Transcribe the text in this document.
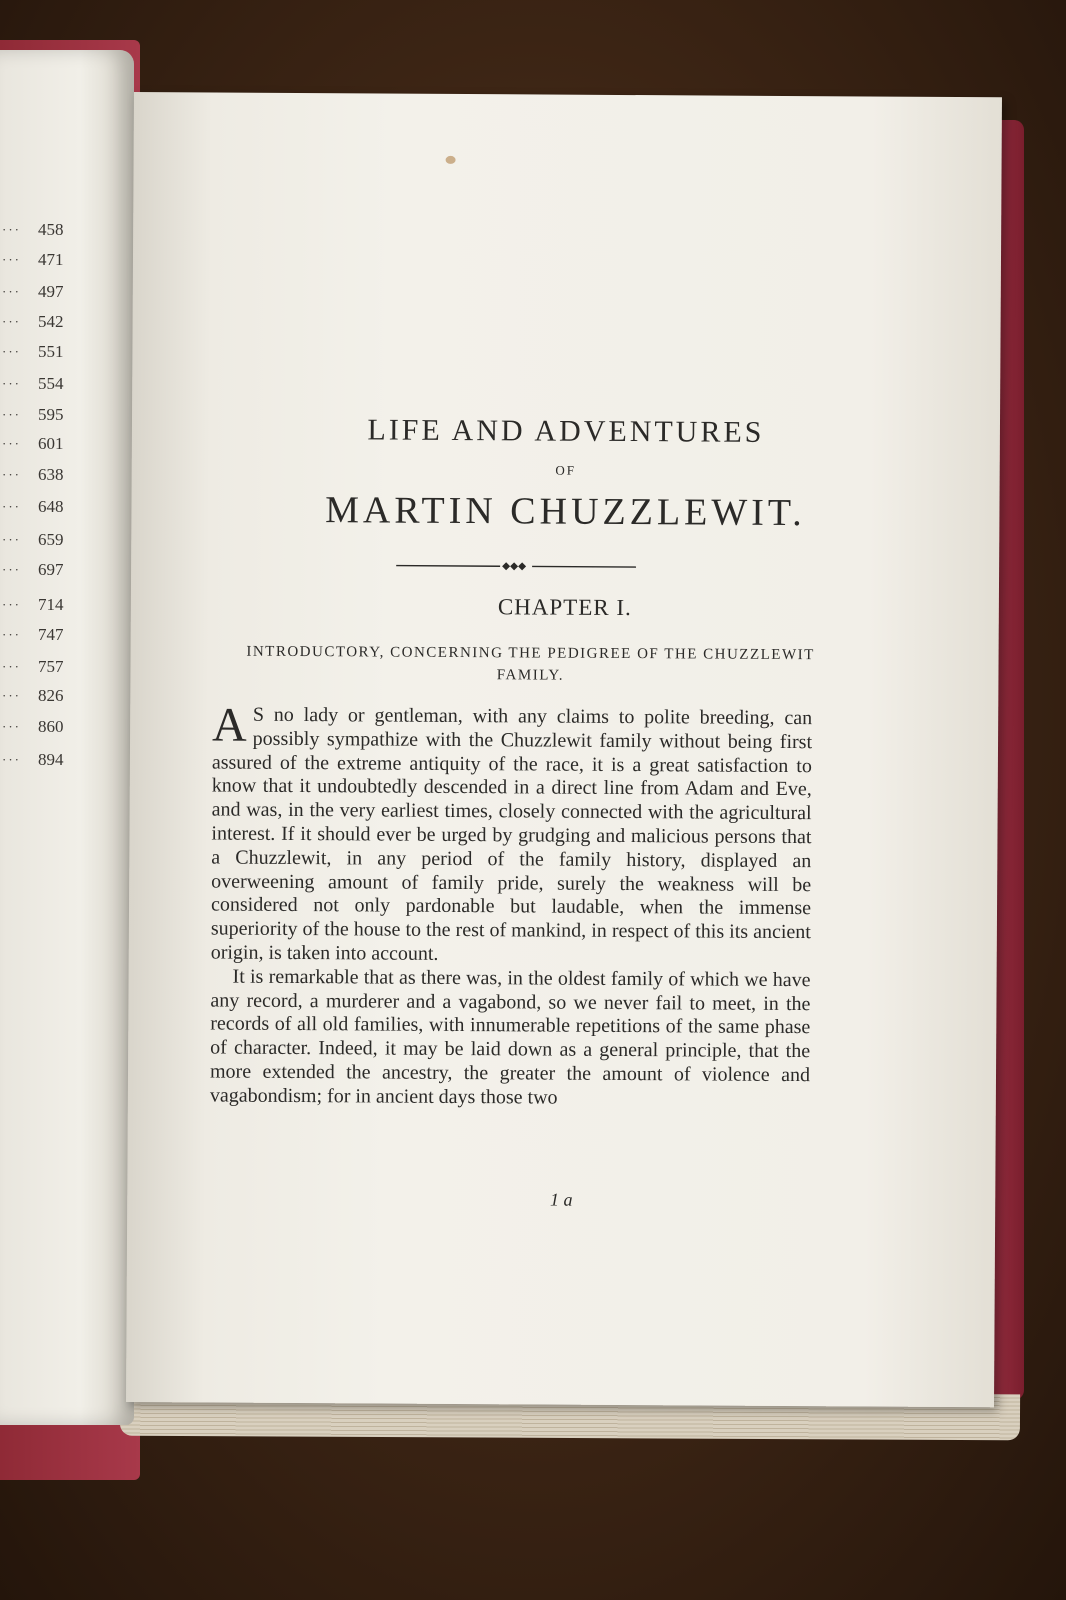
··· 458
··· 471
··· 497
··· 542
··· 551
··· 554
··· 595
··· 601
··· 638
··· 648
··· 659
··· 697
··· 714
··· 747
··· 757
··· 826
··· 860
··· 894
LIFE AND ADVENTURES
OF
MARTIN CHUZZLEWIT.
CHAPTER I.
INTRODUCTORY, CONCERNING THE PEDIGREE OF THE CHUZZLEWIT FAMILY.

A S no lady or gentleman, with any claims to polite breeding, can possibly sympathize with the Chuzzlewit family without being first assured of the extreme antiquity of the race, it is a great satisfaction to know that it undoubtedly descended in a direct line from Adam and Eve, and was, in the very earliest times, closely connected with the agricultural interest. If it should ever be urged by grudging and malicious persons that a Chuzzlewit, in any period of the family history, displayed an overweening amount of family pride, surely the weakness will be considered not only pardonable but laudable, when the immense superiority of the house to the rest of mankind, in respect of this its ancient origin, is taken into account.

It is remarkable that as there was, in the oldest family of which we have any record, a murderer and a vagabond, so we never fail to meet, in the records of all old families, with innumerable repetitions of the same phase of character. Indeed, it may be laid down as a general principle, that the more extended the ancestry, the greater the amount of violence and vagabondism; for in ancient days those two

1 a
